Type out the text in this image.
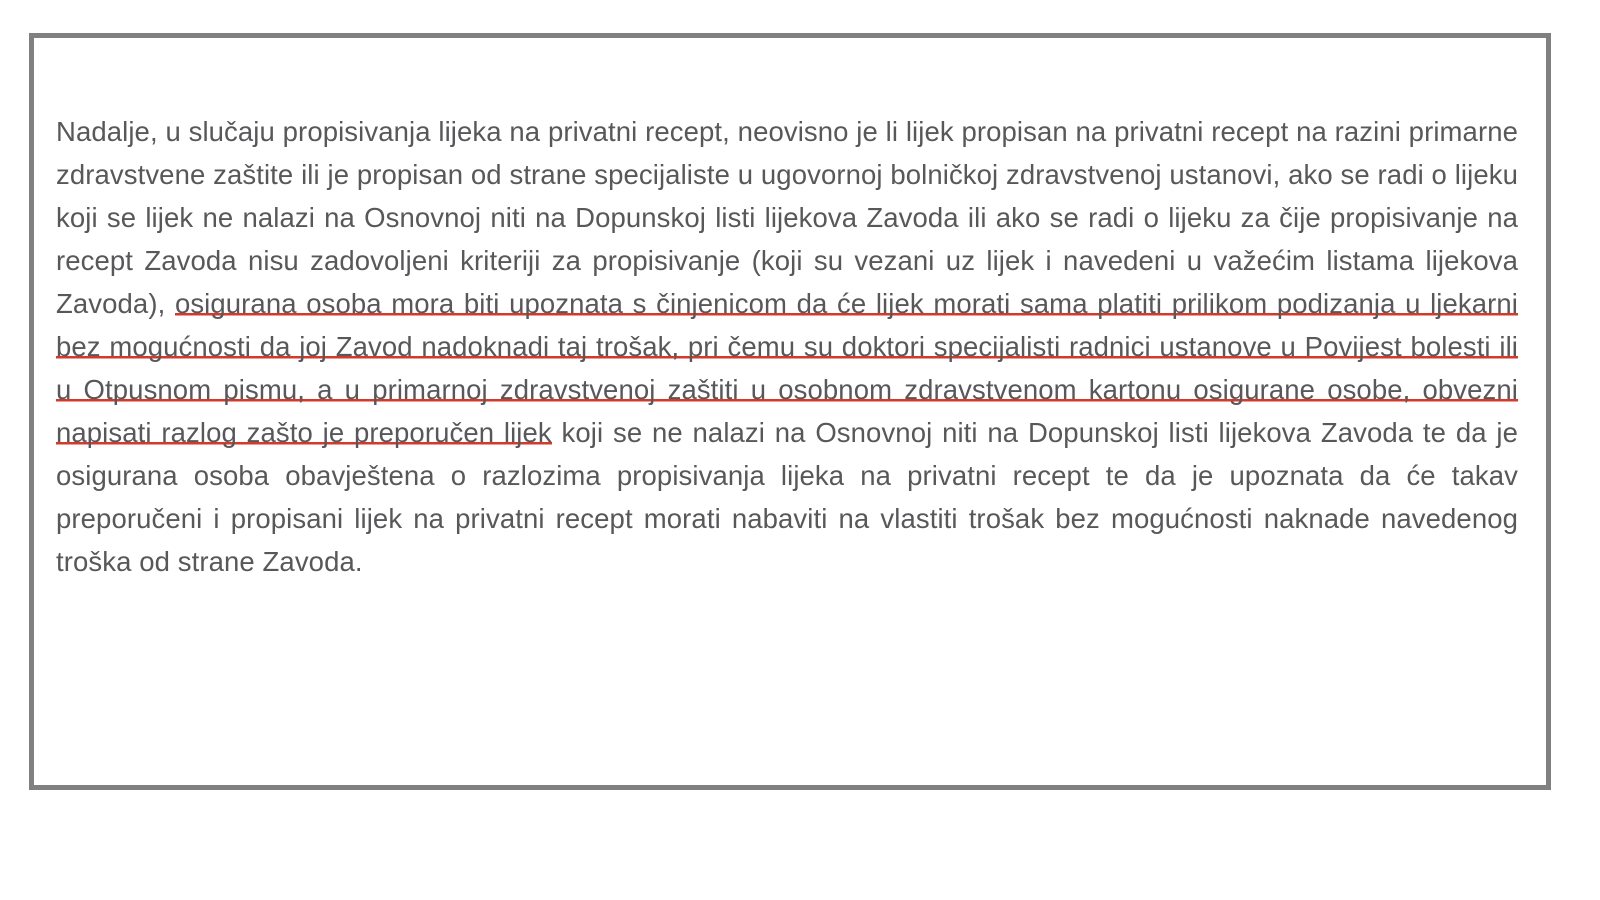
Nadalje, u slučaju propisivanja lijeka na privatni recept, neovisno je li lijek propisan na privatni recept na razini primarne zdravstvene zaštite ili je propisan od strane specijaliste u ugovornoj bolničkoj zdravstvenoj ustanovi, ako se radi o lijeku koji se lijek ne nalazi na Osnovnoj niti na Dopunskoj listi lijekova Zavoda ili ako se radi o lijeku za čije propisivanje na recept Zavoda nisu zadovoljeni kriteriji za propisivanje (koji su vezani uz lijek i navedeni u važećim listama lijekova Zavoda), osigurana osoba mora biti upoznata s činjenicom da će lijek morati sama platiti prilikom podizanja u ljekarni bez mogućnosti da joj Zavod nadoknadi taj trošak, pri čemu su doktori specijalisti radnici ustanove u Povijest bolesti ili u Otpusnom pismu, a u primarnoj zdravstvenoj zaštiti u osobnom zdravstvenom kartonu osigurane osobe, obvezni napisati razlog zašto je preporučen lijek koji se ne nalazi na Osnovnoj niti na Dopunskoj listi lijekova Zavoda te da je osigurana osoba obavještena o razlozima propisivanja lijeka na privatni recept te da je upoznata da će takav preporučeni i propisani lijek na privatni recept morati nabaviti na vlastiti trošak bez mogućnosti naknade navedenog troška od strane Zavoda.
